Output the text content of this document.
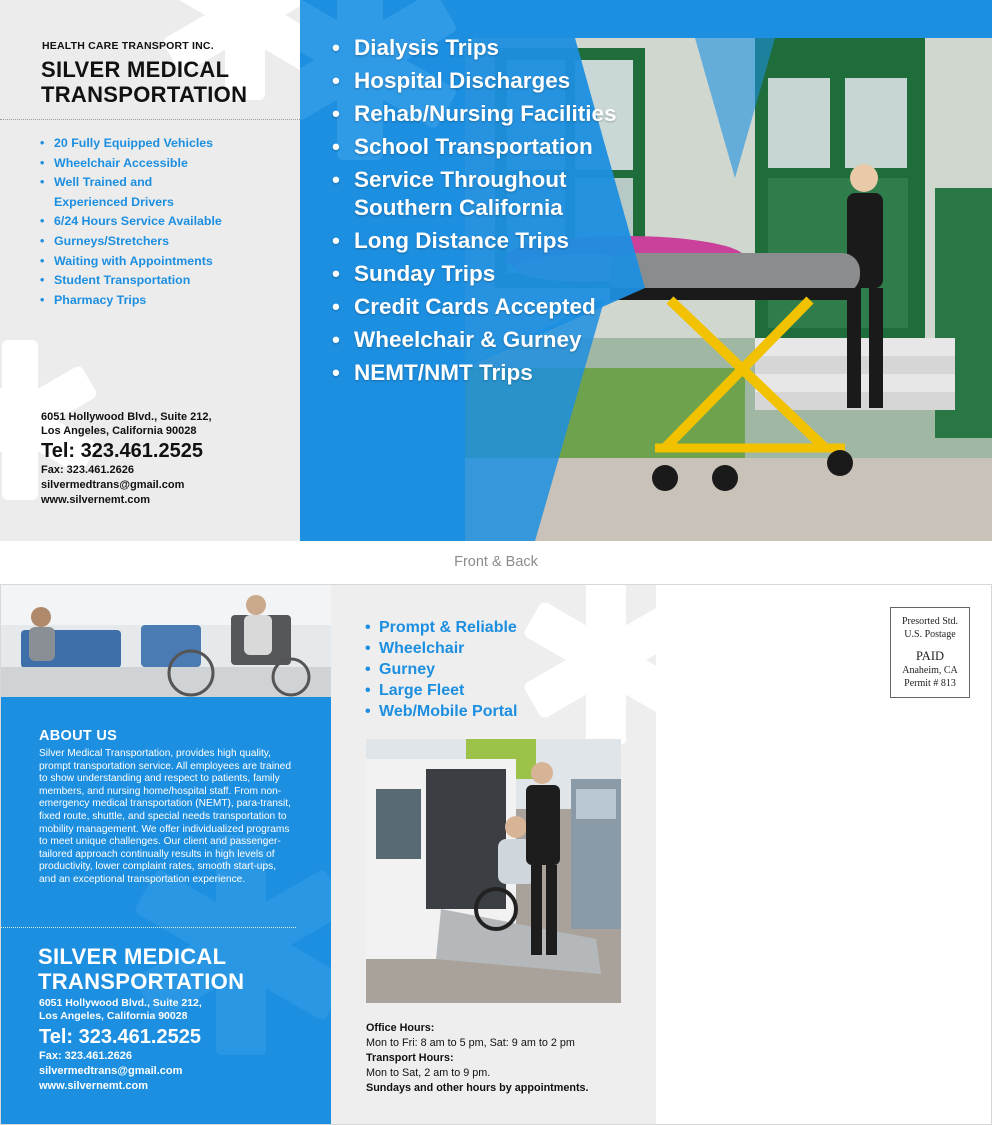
HEALTH CARE TRANSPORT INC.
SILVER MEDICAL
TRANSPORTATION
• 20 Fully Equipped Vehicles
• Wheelchair Accessible
• Well Trained and
Experienced Drivers
• 6/24 Hours Service Available
• Gurneys/Stretchers
• Waiting with Appointments
• Student Transportation
• Pharmacy Trips
6051 Hollywood Blvd., Suite 212,
Los Angeles, California 90028
Tel: 323.461.2525
Fax: 323.461.2626
silvermedtrans@gmail.com
www.silvernemt.com
• Dialysis Trips
• Hospital Discharges
• Rehab/Nursing Facilities
• School Transportation
• Service Throughout
Southern California
• Long Distance Trips
• Sunday Trips
• Credit Cards Accepted
• Wheelchair & Gurney
• NEMT/NMT Trips
Front & Back
ABOUT US
Silver Medical Transportation, provides high quality, prompt transportation service. All employees are trained to show understanding and respect to patients, family members, and nursing home/hospital staff. From non-emergency medical transportation (NEMT), para-transit, fixed route, shuttle, and special needs transportation to mobility management. We offer individualized programs to meet unique challenges. Our client and passenger-tailored approach continually results in high levels of productivity, lower complaint rates, smooth start-ups, and an exceptional transportation experience.
SILVER MEDICAL
TRANSPORTATION
6051 Hollywood Blvd., Suite 212,
Los Angeles, California 90028
Tel: 323.461.2525
Fax: 323.461.2626
silvermedtrans@gmail.com
www.silvernemt.com
Presorted Std.
U.S. Postage
PAID
Anaheim, CA
Permit # 813
• Prompt & Reliable
• Wheelchair
• Gurney
• Large Fleet
• Web/Mobile Portal
Office Hours:
Mon to Fri: 8 am to 5 pm, Sat: 9 am to 2 pm
Transport Hours:
Mon to Sat, 2 am to 9 pm.
Sundays and other hours by appointments.
